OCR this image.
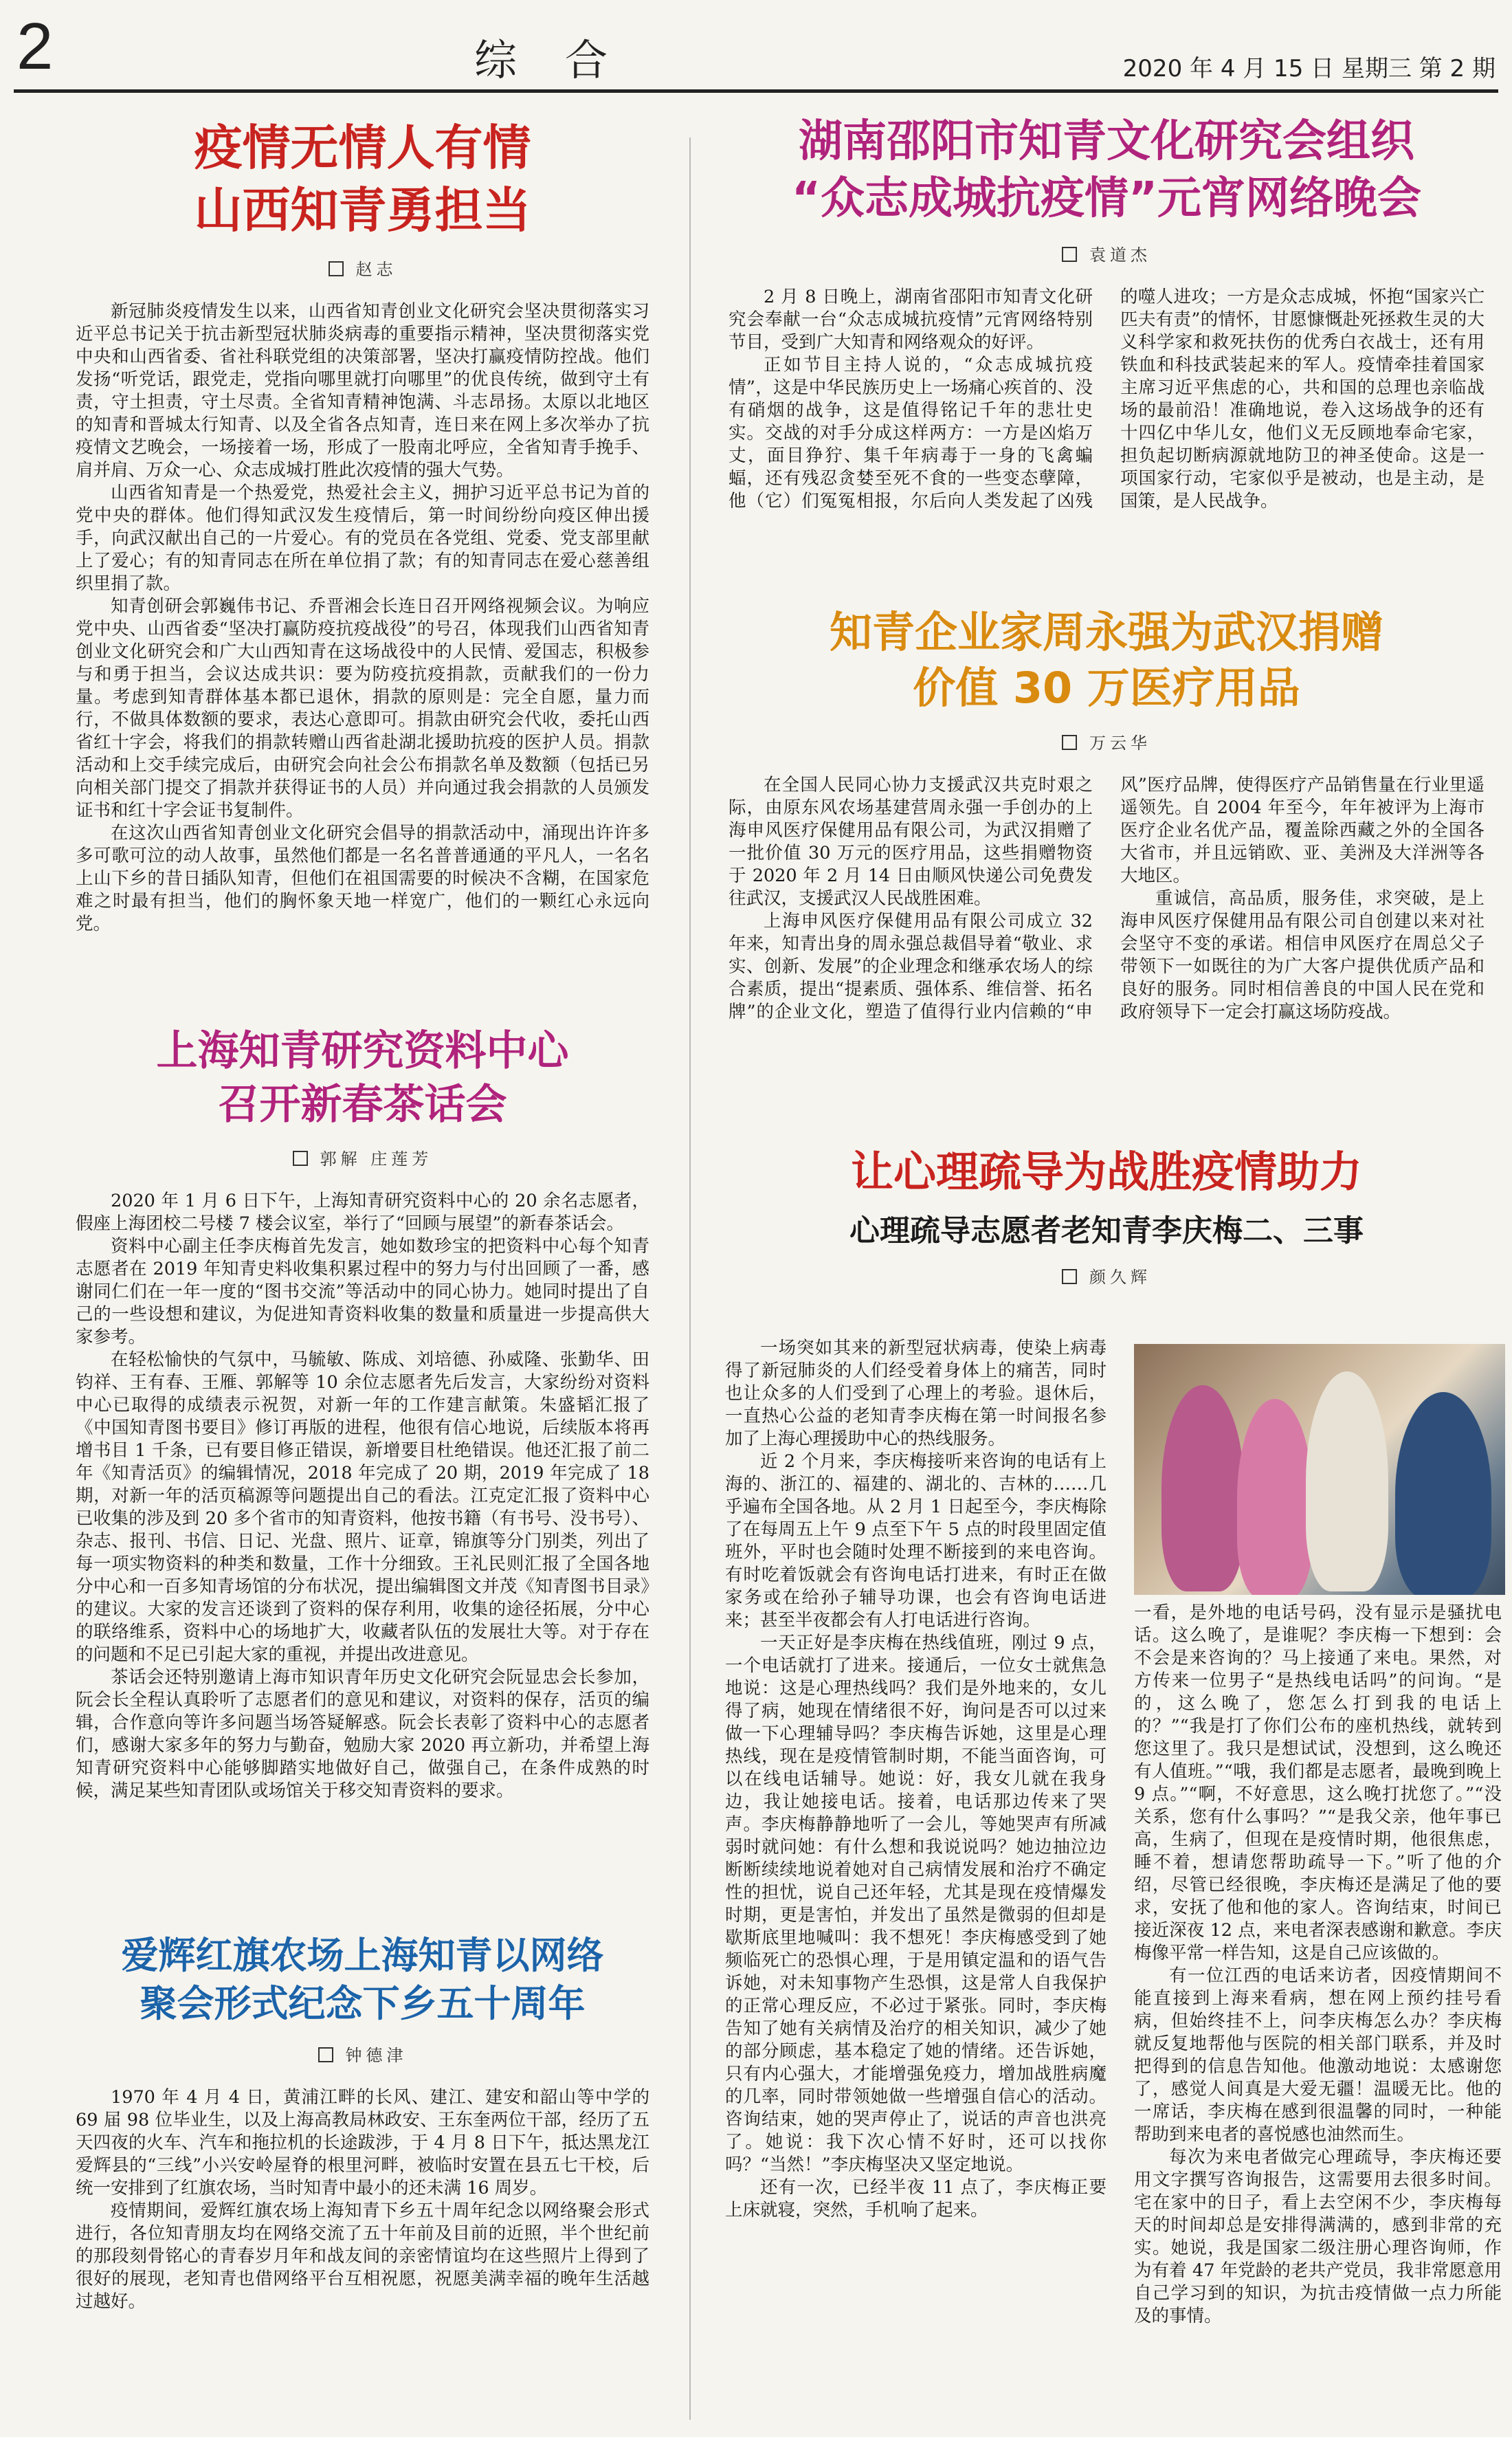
2	综合	2020 年 4 月 15 日 星期三 第 2 期
疫情无情人有情
山西知青勇担当
赵志

新冠肺炎疫情发生以来，山西省知青创业文化研究会坚决贯彻落实习近平总书记关于抗击新型冠状肺炎病毒的重要指示精神，坚决贯彻落实党中央和山西省委、省社科联党组的决策部署，坚决打赢疫情防控战。他们发扬“听党话，跟党走，党指向哪里就打向哪里”的优良传统，做到守土有责，守土担责，守土尽责。全省知青精神饱满、斗志昂扬。太原以北地区的知青和晋城太行知青、以及全省各点知青，连日来在网上多次举办了抗疫情文艺晚会，一场接着一场，形成了一股南北呼应，全省知青手挽手、肩并肩、万众一心、众志成城打胜此次疫情的强大气势。

山西省知青是一个热爱党，热爱社会主义，拥护习近平总书记为首的党中央的群体。他们得知武汉发生疫情后，第一时间纷纷向疫区伸出援手，向武汉献出自己的一片爱心。有的党员在各党组、党委、党支部里献上了爱心；有的知青同志在所在单位捐了款；有的知青同志在爱心慈善组织里捐了款。

知青创研会郭巍伟书记、乔晋湘会长连日召开网络视频会议。为响应党中央、山西省委“坚决打赢防疫抗疫战役”的号召，体现我们山西省知青创业文化研究会和广大山西知青在这场战役中的人民情、爱国志，积极参与和勇于担当，会议达成共识：要为防疫抗疫捐款，贡献我们的一份力量。考虑到知青群体基本都已退休，捐款的原则是：完全自愿，量力而行，不做具体数额的要求，表达心意即可。捐款由研究会代收，委托山西省红十字会，将我们的捐款转赠山西省赴湖北援助抗疫的医护人员。捐款活动和上交手续完成后，由研究会向社会公布捐款名单及数额（包括已另向相关部门提交了捐款并获得证书的人员）并向通过我会捐款的人员颁发证书和红十字会证书复制件。

在这次山西省知青创业文化研究会倡导的捐款活动中，涌现出许许多多可歌可泣的动人故事，虽然他们都是一名名普普通通的平凡人，一名名上山下乡的昔日插队知青，但他们在祖国需要的时候决不含糊，在国家危难之时最有担当，他们的胸怀象天地一样宽广，他们的一颗红心永远向党。

上海知青研究资料中心
召开新春茶话会
郭解 庄莲芳

2020 年 1 月 6 日下午，上海知青研究资料中心的 20 余名志愿者，假座上海团校二号楼 7 楼会议室，举行了“回顾与展望”的新春茶话会。

资料中心副主任李庆梅首先发言，她如数珍宝的把资料中心每个知青志愿者在 2019 年知青史料收集积累过程中的努力与付出回顾了一番，感谢同仁们在一年一度的“图书交流”等活动中的同心协力。她同时提出了自己的一些设想和建议，为促进知青资料收集的数量和质量进一步提高供大家参考。

在轻松愉快的气氛中，马毓敏、陈成、刘培德、孙威隆、张勤华、田钧祥、王有春、王雁、郭解等 10 余位志愿者先后发言，大家纷纷对资料中心已取得的成绩表示祝贺，对新一年的工作建言献策。朱盛韬汇报了《中国知青图书要目》修订再版的进程，他很有信心地说，后续版本将再增书目 1 千条，已有要目修正错误，新增要目杜绝错误。他还汇报了前二年《知青活页》的编辑情况，2018 年完成了 20 期，2019 年完成了 18 期，对新一年的活页稿源等问题提出自己的看法。江克定汇报了资料中心已收集的涉及到 20 多个省市的知青资料，他按书籍（有书号、没书号）、杂志、报刊、书信、日记、光盘、照片、证章，锦旗等分门别类，列出了每一项实物资料的种类和数量，工作十分细致。王礼民则汇报了全国各地分中心和一百多知青场馆的分布状况，提出编辑图文并茂《知青图书目录》的建议。大家的发言还谈到了资料的保存利用，收集的途径拓展，分中心的联络维系，资料中心的场地扩大，收藏者队伍的发展壮大等。对于存在的问题和不足已引起大家的重视，并提出改进意见。

茶话会还特别邀请上海市知识青年历史文化研究会阮显忠会长参加，阮会长全程认真聆听了志愿者们的意见和建议，对资料的保存，活页的编辑，合作意向等许多问题当场答疑解惑。阮会长表彰了资料中心的志愿者们，感谢大家多年的努力与勤奋，勉励大家 2020 再立新功，并希望上海知青研究资料中心能够脚踏实地做好自己，做强自己，在条件成熟的时候，满足某些知青团队或场馆关于移交知青资料的要求。

爱辉红旗农场上海知青以网络
聚会形式纪念下乡五十周年
钟德津

1970 年 4 月 4 日，黄浦江畔的长风、建江、建安和韶山等中学的 69 届 98 位毕业生，以及上海高教局林政安、王东奎两位干部，经历了五天四夜的火车、汽车和拖拉机的长途跋涉，于 4 月 8 日下午，抵达黑龙江爱辉县的“三线”小兴安岭屋脊的根里河畔，被临时安置在县五七干校，后统一安排到了红旗农场，当时知青中最小的还未满 16 周岁。

疫情期间，爱辉红旗农场上海知青下乡五十周年纪念以网络聚会形式进行，各位知青朋友均在网络交流了五十年前及目前的近照，半个世纪前的那段刻骨铭心的青春岁月年和战友间的亲密情谊均在这些照片上得到了很好的展现，老知青也借网络平台互相祝愿，祝愿美满幸福的晚年生活越过越好。

湖南邵阳市知青文化研究会组织
“众志成城抗疫情”元宵网络晚会
袁道杰

2 月 8 日晚上，湖南省邵阳市知青文化研究会奉献一台“众志成城抗疫情”元宵网络特别节目，受到广大知青和网络观众的好评。

正如节目主持人说的，“众志成城抗疫情”，这是中华民族历史上一场痛心疾首的、没有硝烟的战争，这是值得铭记千年的悲壮史实。交战的对手分成这样两方：一方是凶焰万丈，面目狰狞、集千年病毒于一身的飞禽蝙蝠，还有残忍贪婪至死不食的一些变态孽障，他（它）们冤冤相报，尔后向人类发起了凶残的噬人进攻；一方是众志成城，怀抱“国家兴亡匹夫有责”的情怀，甘愿慷慨赴死拯救生灵的大义科学家和救死扶伤的优秀白衣战士，还有用铁血和科技武装起来的军人。疫情牵挂着国家主席习近平焦虑的心，共和国的总理也亲临战场的最前沿！准确地说，卷入这场战争的还有十四亿中华儿女，他们义无反顾地奉命宅家，担负起切断病源就地防卫的神圣使命。这是一项国家行动，宅家似乎是被动，也是主动，是国策，是人民战争。

知青企业家周永强为武汉捐赠
价值 30 万医疗用品
万云华

在全国人民同心协力支援武汉共克时艰之际，由原东风农场基建营周永强一手创办的上海申风医疗保健用品有限公司，为武汉捐赠了一批价值 30 万元的医疗用品，这些捐赠物资于 2020 年 2 月 14 日由顺风快递公司免费发往武汉，支援武汉人民战胜困难。

上海申风医疗保健用品有限公司成立 32 年来，知青出身的周永强总裁倡导着“敬业、求实、创新、发展”的企业理念和继承农场人的综合素质，提出“提素质、强体系、维信誉、拓名牌”的企业文化，塑造了值得行业内信赖的“申风”医疗品牌，使得医疗产品销售量在行业里遥遥领先。自 2004 年至今，年年被评为上海市医疗企业名优产品，覆盖除西藏之外的全国各大省市，并且远销欧、亚、美洲及大洋洲等各大地区。

重诚信，高品质，服务佳，求突破，是上海申风医疗保健用品有限公司自创建以来对社会坚守不变的承诺。相信申风医疗在周总父子带领下一如既往的为广大客户提供优质产品和良好的服务。同时相信善良的中国人民在党和政府领导下一定会打赢这场防疫战。

让心理疏导为战胜疫情助力
心理疏导志愿者老知青李庆梅二、三事
颜久辉

一场突如其来的新型冠状病毒，使染上病毒得了新冠肺炎的人们经受着身体上的痛苦，同时也让众多的人们受到了心理上的考验。退休后，一直热心公益的老知青李庆梅在第一时间报名参加了上海心理援助中心的热线服务。

近 2 个月来，李庆梅接听来咨询的电话有上海的、浙江的、福建的、湖北的、吉林的……几乎遍布全国各地。从 2 月 1 日起至今，李庆梅除了在每周五上午 9 点至下午 5 点的时段里固定值班外，平时也会随时处理不断接到的来电咨询。有时吃着饭就会有咨询电话打进来，有时正在做家务或在给孙子辅导功课，也会有咨询电话进来；甚至半夜都会有人打电话进行咨询。

一天正好是李庆梅在热线值班，刚过 9 点，一个电话就打了进来。接通后，一位女士就焦急地说：这是心理热线吗？我们是外地来的，女儿得了病，她现在情绪很不好，询问是否可以过来做一下心理辅导吗？李庆梅告诉她，这里是心理热线，现在是疫情管制时期，不能当面咨询，可以在线电话辅导。她说：好，我女儿就在我身边，我让她接电话。接着，电话那边传来了哭声。李庆梅静静地听了一会儿，等她哭声有所减弱时就问她：有什么想和我说说吗？她边抽泣边断断续续地说着她对自己病情发展和治疗不确定性的担忧，说自己还年轻，尤其是现在疫情爆发时期，更是害怕，并发出了虽然是微弱的但却是歇斯底里地喊叫：我不想死！李庆梅感受到了她频临死亡的恐惧心理，于是用镇定温和的语气告诉她，对未知事物产生恐惧，这是常人自我保护的正常心理反应，不必过于紧张。同时，李庆梅告知了她有关病情及治疗的相关知识，减少了她的部分顾虑，基本稳定了她的情绪。还告诉她，只有内心强大，才能增强免疫力，增加战胜病魔的几率，同时带领她做一些增强自信心的活动。咨询结束，她的哭声停止了，说话的声音也洪亮了。她说：我下次心情不好时，还可以找你吗？“当然！”李庆梅坚决又坚定地说。

还有一次，已经半夜 11 点了，李庆梅正要上床就寝，突然，手机响了起来。

一看，是外地的电话号码，没有显示是骚扰电话。这么晚了，是谁呢？李庆梅一下想到：会不会是来咨询的？马上接通了来电。果然，对方传来一位男子“是热线电话吗”的问询。“是的，这么晚了，您怎么打到我的电话上的？”“我是打了你们公布的座机热线，就转到您这里了。我只是想试试，没想到，这么晚还有人值班。”“哦，我们都是志愿者，最晚到晚上 9 点。”“啊，不好意思，这么晚打扰您了。”“没关系，您有什么事吗？”“是我父亲，他年事已高，生病了，但现在是疫情时期，他很焦虑，睡不着，想请您帮助疏导一下。”听了他的介绍，尽管已经很晚，李庆梅还是满足了他的要求，安抚了他和他的家人。咨询结束，时间已接近深夜 12 点，来电者深表感谢和歉意。李庆梅像平常一样告知，这是自己应该做的。

有一位江西的电话来访者，因疫情期间不能直接到上海来看病，想在网上预约挂号看病，但始终挂不上，问李庆梅怎么办？李庆梅就反复地帮他与医院的相关部门联系，并及时把得到的信息告知他。他激动地说：太感谢您了，感觉人间真是大爱无疆！温暖无比。他的一席话，李庆梅在感到很温馨的同时，一种能帮助到来电者的喜悦感也油然而生。

每次为来电者做完心理疏导，李庆梅还要用文字撰写咨询报告，这需要用去很多时间。宅在家中的日子，看上去空闲不少，李庆梅每天的时间却总是安排得满满的，感到非常的充实。她说，我是国家二级注册心理咨询师，作为有着 47 年党龄的老共产党员，我非常愿意用自己学习到的知识，为抗击疫情做一点力所能及的事情。
